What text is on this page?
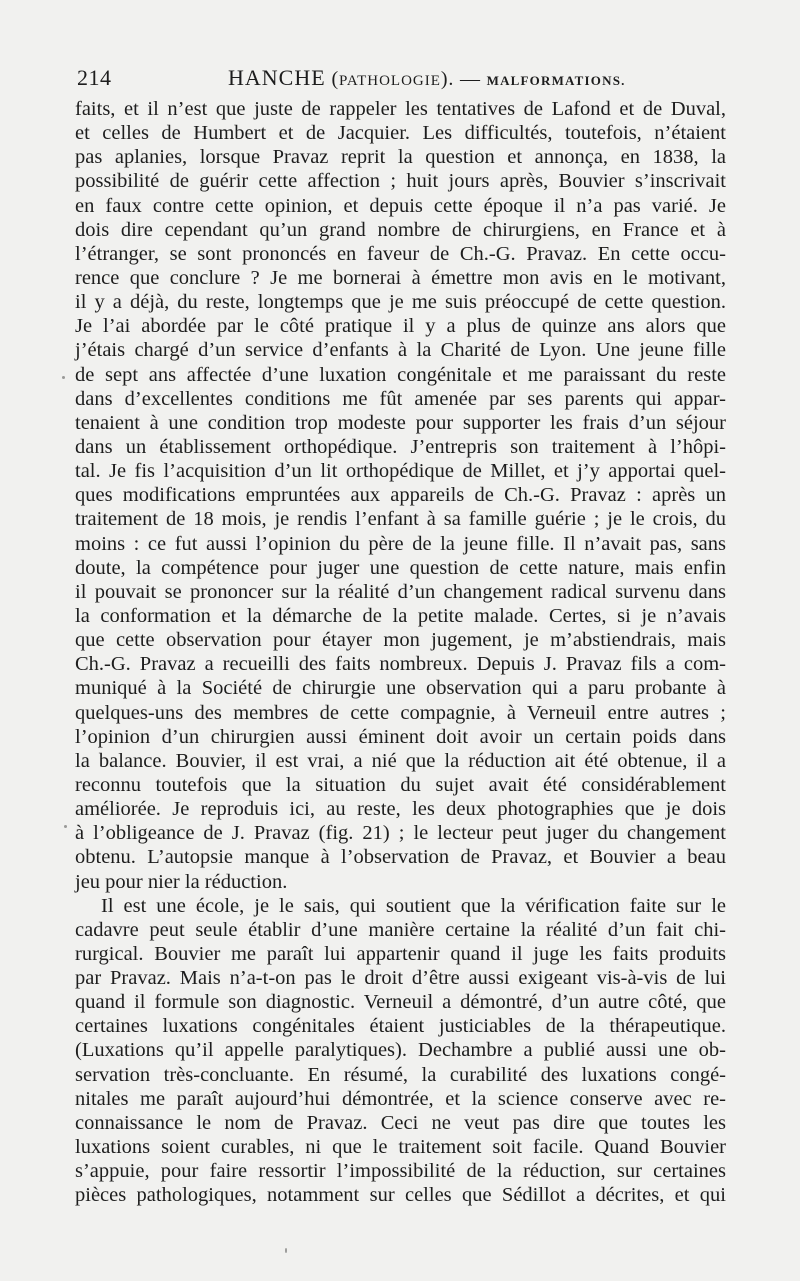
214	HANCHE (PATHOLOGIE). — MALFORMATIONS.
faits, et il n’est que juste de rappeler les tentatives de Lafond et de Duval,
et celles de Humbert et de Jacquier. Les difficultés, toutefois, n’étaient
pas aplanies, lorsque Pravaz reprit la question et annonça, en 1838, la
possibilité de guérir cette affection ; huit jours après, Bouvier s’inscrivait
en faux contre cette opinion, et depuis cette époque il n’a pas varié. Je
dois dire cependant qu’un grand nombre de chirurgiens, en France et à
l’étranger, se sont prononcés en faveur de Ch.-G. Pravaz. En cette occu-
rence que conclure ? Je me bornerai à émettre mon avis en le motivant,
il y a déjà, du reste, longtemps que je me suis préoccupé de cette question.
Je l’ai abordée par le côté pratique il y a plus de quinze ans alors que
j’étais chargé d’un service d’enfants à la Charité de Lyon. Une jeune fille
de sept ans affectée d’une luxation congénitale et me paraissant du reste
dans d’excellentes conditions me fût amenée par ses parents qui appar-
tenaient à une condition trop modeste pour supporter les frais d’un séjour
dans un établissement orthopédique. J’entrepris son traitement à l’hôpi-
tal. Je fis l’acquisition d’un lit orthopédique de Millet, et j’y apportai quel-
ques modifications empruntées aux appareils de Ch.-G. Pravaz : après un
traitement de 18 mois, je rendis l’enfant à sa famille guérie ; je le crois, du
moins : ce fut aussi l’opinion du père de la jeune fille. Il n’avait pas, sans
doute, la compétence pour juger une question de cette nature, mais enfin
il pouvait se prononcer sur la réalité d’un changement radical survenu dans
la conformation et la démarche de la petite malade. Certes, si je n’avais
que cette observation pour étayer mon jugement, je m’abstiendrais, mais
Ch.-G. Pravaz a recueilli des faits nombreux. Depuis J. Pravaz fils a com-
muniqué à la Société de chirurgie une observation qui a paru probante à
quelques-uns des membres de cette compagnie, à Verneuil entre autres ;
l’opinion d’un chirurgien aussi éminent doit avoir un certain poids dans
la balance. Bouvier, il est vrai, a nié que la réduction ait été obtenue, il a
reconnu toutefois que la situation du sujet avait été considérablement
améliorée. Je reproduis ici, au reste, les deux photographies que je dois
à l’obligeance de J. Pravaz (fig. 21) ; le lecteur peut juger du changement
obtenu. L’autopsie manque à l’observation de Pravaz, et Bouvier a beau
jeu pour nier la réduction.
Il est une école, je le sais, qui soutient que la vérification faite sur le
cadavre peut seule établir d’une manière certaine la réalité d’un fait chi-
rurgical. Bouvier me paraît lui appartenir quand il juge les faits produits
par Pravaz. Mais n’a-t-on pas le droit d’être aussi exigeant vis-à-vis de lui
quand il formule son diagnostic. Verneuil a démontré, d’un autre côté, que
certaines luxations congénitales étaient justiciables de la thérapeutique.
(Luxations qu’il appelle paralytiques). Dechambre a publié aussi une ob-
servation très-concluante. En résumé, la curabilité des luxations congé-
nitales me paraît aujourd’hui démontrée, et la science conserve avec re-
connaissance le nom de Pravaz. Ceci ne veut pas dire que toutes les
luxations soient curables, ni que le traitement soit facile. Quand Bouvier
s’appuie, pour faire ressortir l’impossibilité de la réduction, sur certaines
pièces pathologiques, notamment sur celles que Sédillot a décrites, et qui
